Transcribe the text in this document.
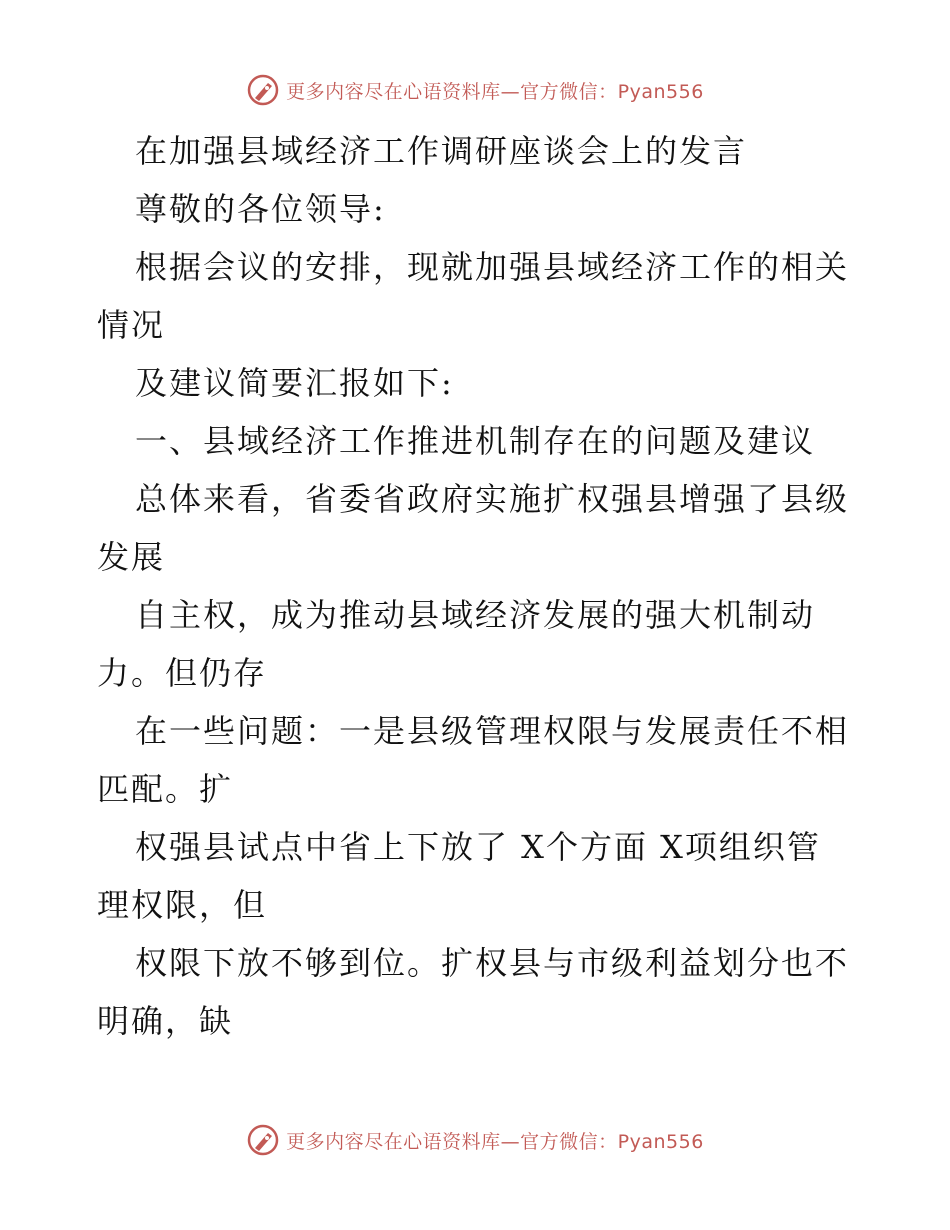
更多内容尽在心语资料库—官方微信：Pyan556
在加强县域经济工作调研座谈会上的发言
尊敬的各位领导:
根据会议的安排，现就加强县域经济工作的相关
情况
及建议简要汇报如下:
一、县域经济工作推进机制存在的问题及建议
总体来看，省委省政府实施扩权强县增强了县级
发展
自主权，成为推动县域经济发展的强大机制动
力。但仍存
在一些问题：一是县级管理权限与发展责任不相
匹配。扩
权强县试点中省上下放了 X个方面 X项组织管
理权限，但
权限下放不够到位。扩权县与市级利益划分也不
明确，缺
更多内容尽在心语资料库—官方微信：Pyan556
